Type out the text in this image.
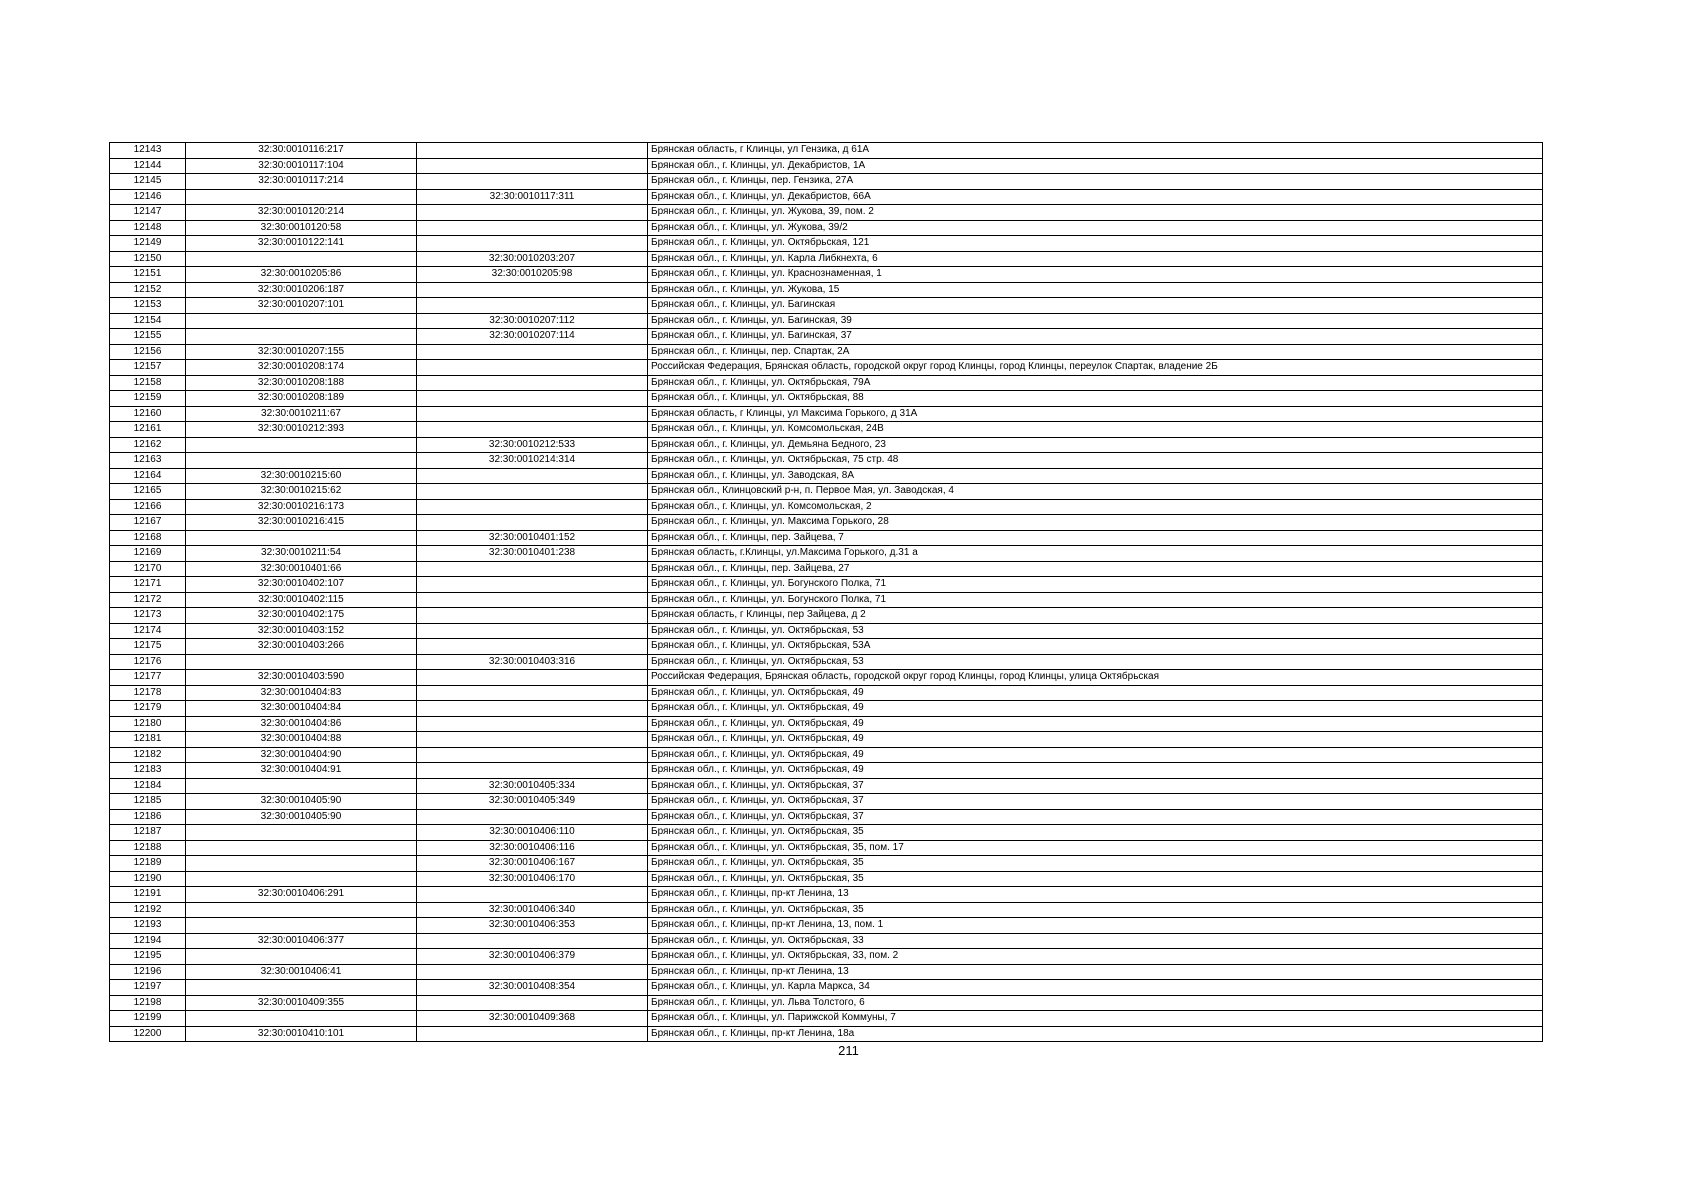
12143	32:30:0010116:217		Брянская область, г Клинцы, ул Гензика, д 61А
12144	32:30:0010117:104		Брянская обл., г. Клинцы, ул. Декабристов, 1А
12145	32:30:0010117:214		Брянская обл., г. Клинцы, пер. Гензика, 27А
12146		32:30:0010117:311	Брянская обл., г. Клинцы, ул. Декабристов, 66А
12147	32:30:0010120:214		Брянская обл., г. Клинцы, ул. Жукова, 39, пом. 2
12148	32:30:0010120:58		Брянская обл., г. Клинцы, ул. Жукова, 39/2
12149	32:30:0010122:141		Брянская обл., г. Клинцы, ул. Октябрьская, 121
12150		32:30:0010203:207	Брянская обл., г. Клинцы, ул. Карла Либкнехта, 6
12151	32:30:0010205:86	32:30:0010205:98	Брянская обл., г. Клинцы, ул. Краснознаменная, 1
12152	32:30:0010206:187		Брянская обл., г. Клинцы, ул. Жукова, 15
12153	32:30:0010207:101		Брянская обл., г. Клинцы, ул. Багинская
12154		32:30:0010207:112	Брянская обл., г. Клинцы, ул. Багинская, 39
12155		32:30:0010207:114	Брянская обл., г. Клинцы, ул. Багинская, 37
12156	32:30:0010207:155		Брянская обл., г. Клинцы, пер. Спартак, 2А
12157	32:30:0010208:174		Российская Федерация, Брянская область, городской округ город Клинцы, город Клинцы, переулок Спартак, владение 2Б
12158	32:30:0010208:188		Брянская обл., г. Клинцы, ул. Октябрьская, 79А
12159	32:30:0010208:189		Брянская обл., г. Клинцы, ул. Октябрьская, 88
12160	32:30:0010211:67		Брянская область, г Клинцы, ул Максима Горького, д 31А
12161	32:30:0010212:393		Брянская обл., г. Клинцы, ул. Комсомольская, 24В
12162		32:30:0010212:533	Брянская обл., г. Клинцы, ул. Демьяна Бедного, 23
12163		32:30:0010214:314	Брянская обл., г. Клинцы, ул. Октябрьская, 75 стр. 48
12164	32:30:0010215:60		Брянская обл., г. Клинцы, ул. Заводская, 8А
12165	32:30:0010215:62		Брянская обл., Клинцовский р-н, п. Первое Мая, ул. Заводская, 4
12166	32:30:0010216:173		Брянская обл., г. Клинцы, ул. Комсомольская, 2
12167	32:30:0010216:415		Брянская обл., г. Клинцы, ул. Максима Горького, 28
12168		32:30:0010401:152	Брянская обл., г. Клинцы, пер. Зайцева, 7
12169	32:30:0010211:54	32:30:0010401:238	Брянская область, г.Клинцы, ул.Максима Горького, д.31 а
12170	32:30:0010401:66		Брянская обл., г. Клинцы, пер. Зайцева, 27
12171	32:30:0010402:107		Брянская обл., г. Клинцы, ул. Богунского Полка, 71
12172	32:30:0010402:115		Брянская обл., г. Клинцы, ул. Богунского Полка, 71
12173	32:30:0010402:175		Брянская область, г Клинцы, пер Зайцева, д 2
12174	32:30:0010403:152		Брянская обл., г. Клинцы, ул. Октябрьская, 53
12175	32:30:0010403:266		Брянская обл., г. Клинцы, ул. Октябрьская, 53А
12176		32:30:0010403:316	Брянская обл., г. Клинцы, ул. Октябрьская, 53
12177	32:30:0010403:590		Российская Федерация, Брянская область, городской округ город Клинцы, город Клинцы, улица Октябрьская
12178	32:30:0010404:83		Брянская обл., г. Клинцы, ул. Октябрьская, 49
12179	32:30:0010404:84		Брянская обл., г. Клинцы, ул. Октябрьская, 49
12180	32:30:0010404:86		Брянская обл., г. Клинцы, ул. Октябрьская, 49
12181	32:30:0010404:88		Брянская обл., г. Клинцы, ул. Октябрьская, 49
12182	32:30:0010404:90		Брянская обл., г. Клинцы, ул. Октябрьская, 49
12183	32:30:0010404:91		Брянская обл., г. Клинцы, ул. Октябрьская, 49
12184		32:30:0010405:334	Брянская обл., г. Клинцы, ул. Октябрьская, 37
12185	32:30:0010405:90	32:30:0010405:349	Брянская обл., г. Клинцы, ул. Октябрьская, 37
12186	32:30:0010405:90		Брянская обл., г. Клинцы, ул. Октябрьская, 37
12187		32:30:0010406:110	Брянская обл., г. Клинцы, ул. Октябрьская, 35
12188		32:30:0010406:116	Брянская обл., г. Клинцы, ул. Октябрьская, 35, пом. 17
12189		32:30:0010406:167	Брянская обл., г. Клинцы, ул. Октябрьская, 35
12190		32:30:0010406:170	Брянская обл., г. Клинцы, ул. Октябрьская, 35
12191	32:30:0010406:291		Брянская обл., г. Клинцы, пр-кт Ленина, 13
12192		32:30:0010406:340	Брянская обл., г. Клинцы, ул. Октябрьская, 35
12193		32:30:0010406:353	Брянская обл., г. Клинцы, пр-кт Ленина, 13, пом. 1
12194	32:30:0010406:377		Брянская обл., г. Клинцы, ул. Октябрьская, 33
12195		32:30:0010406:379	Брянская обл., г. Клинцы, ул. Октябрьская, 33, пом. 2
12196	32:30:0010406:41		Брянская обл., г. Клинцы, пр-кт Ленина, 13
12197		32:30:0010408:354	Брянская обл., г. Клинцы, ул. Карла Маркса, 34
12198	32:30:0010409:355		Брянская обл., г. Клинцы, ул. Льва Толстого, 6
12199		32:30:0010409:368	Брянская обл., г. Клинцы, ул. Парижской Коммуны, 7
12200	32:30:0010410:101		Брянская обл., г. Клинцы, пр-кт Ленина, 18а
211
